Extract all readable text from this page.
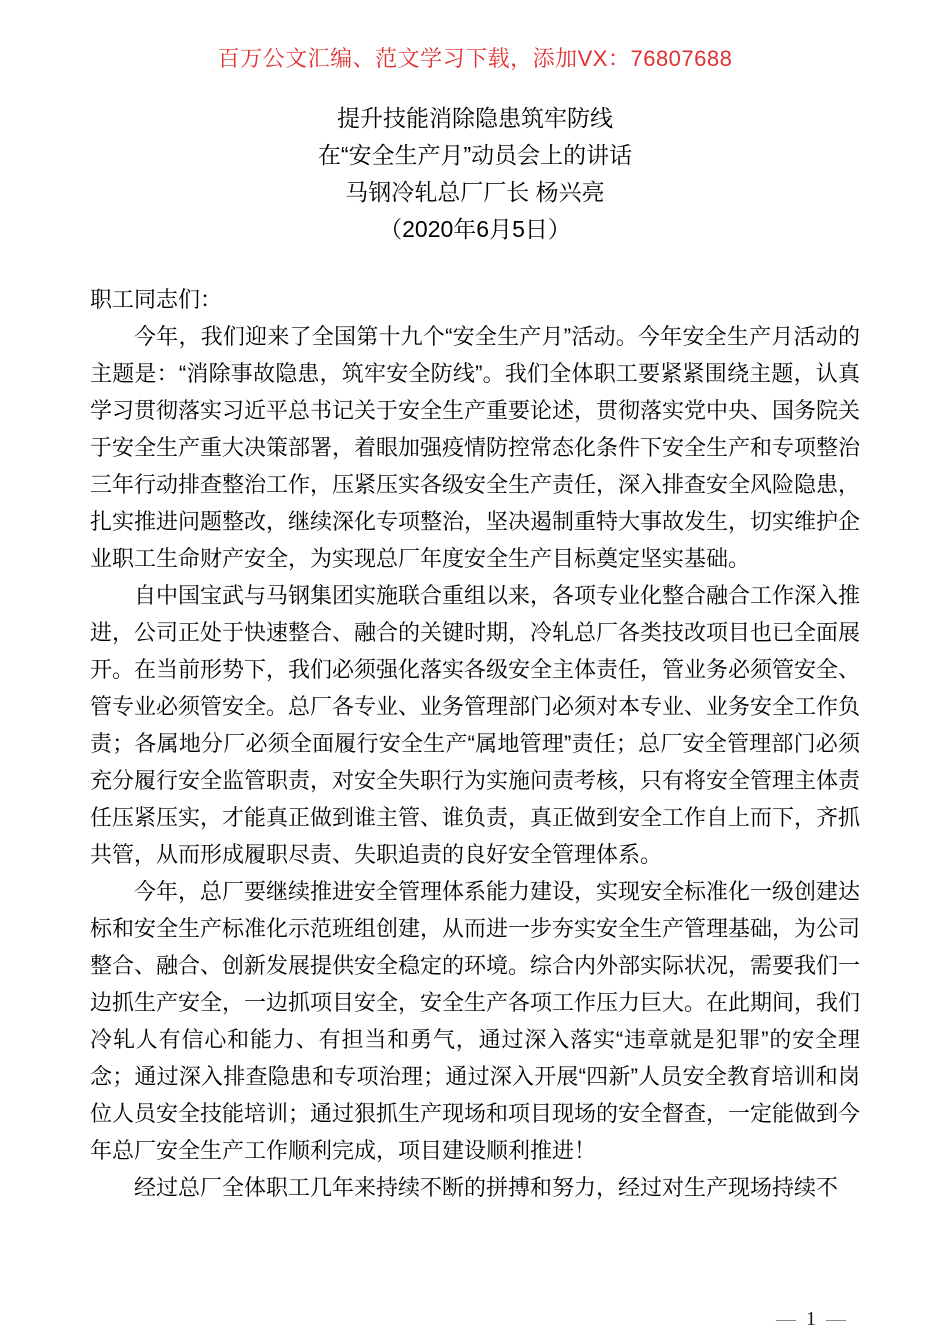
百万公文汇编、范文学习下载，添加VX：76807688
提升技能消除隐患筑牢防线
在“安全生产月”动员会上的讲话
马钢冷轧总厂厂长 杨兴亮
（2020年6月5日）

职工同志们：

今年，我们迎来了全国第十九个“安全生产月”活动。今年安全生产月活动的主题是：“消除事故隐患，筑牢安全防线”。我们全体职工要紧紧围绕主题，认真学习贯彻落实习近平总书记关于安全生产重要论述，贯彻落实党中央、国务院关于安全生产重大决策部署，着眼加强疫情防控常态化条件下安全生产和专项整治三年行动排查整治工作，压紧压实各级安全生产责任，深入排查安全风险隐患，扎实推进问题整改，继续深化专项整治，坚决遏制重特大事故发生，切实维护企业职工生命财产安全，为实现总厂年度安全生产目标奠定坚实基础。

自中国宝武与马钢集团实施联合重组以来，各项专业化整合融合工作深入推进，公司正处于快速整合、融合的关键时期，冷轧总厂各类技改项目也已全面展开。在当前形势下，我们必须强化落实各级安全主体责任，管业务必须管安全、管专业必须管安全。总厂各专业、业务管理部门必须对本专业、业务安全工作负责；各属地分厂必须全面履行安全生产“属地管理”责任；总厂安全管理部门必须充分履行安全监管职责，对安全失职行为实施问责考核，只有将安全管理主体责任压紧压实，才能真正做到谁主管、谁负责，真正做到安全工作自上而下，齐抓共管，从而形成履职尽责、失职追责的良好安全管理体系。

今年，总厂要继续推进安全管理体系能力建设，实现安全标准化一级创建达标和安全生产标准化示范班组创建，从而进一步夯实安全生产管理基础，为公司整合、融合、创新发展提供安全稳定的环境。综合内外部实际状况，需要我们一边抓生产安全，一边抓项目安全，安全生产各项工作压力巨大。在此期间，我们冷轧人有信心和能力、有担当和勇气，通过深入落实“违章就是犯罪”的安全理念；通过深入排查隐患和专项治理；通过深入开展“四新”人员安全教育培训和岗位人员安全技能培训；通过狠抓生产现场和项目现场的安全督查，一定能做到今年总厂安全生产工作顺利完成，项目建设顺利推进！

经过总厂全体职工几年来持续不断的拼搏和努力，经过对生产现场持续不

— 1 —
